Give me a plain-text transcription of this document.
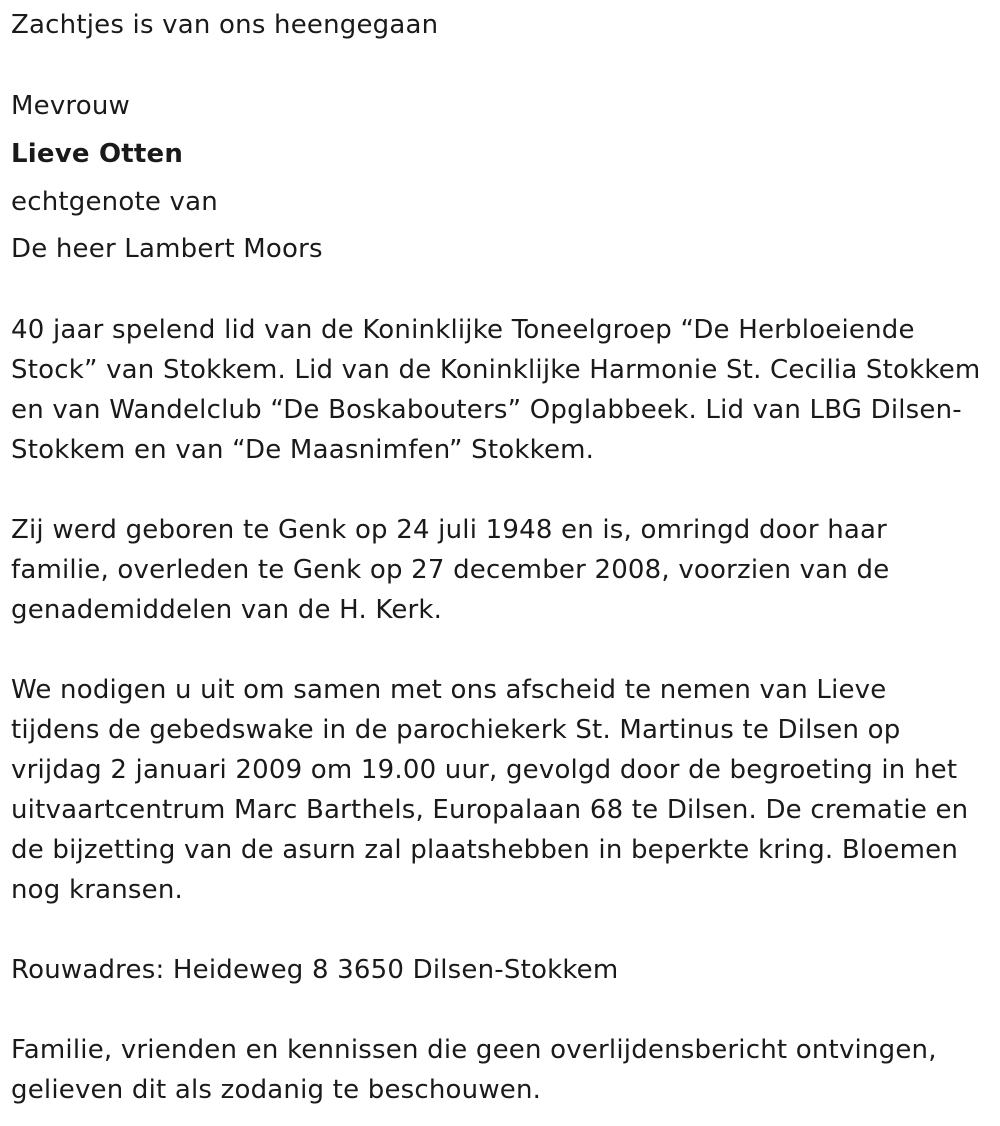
Zachtjes is van ons heengegaan
Mevrouw
Lieve Otten
echtgenote van
De heer Lambert Moors
40 jaar spelend lid van de Koninklijke Toneelgroep “De Herbloeiende
Stock” van Stokkem. Lid van de Koninklijke Harmonie St. Cecilia Stokkem
en van Wandelclub “De Boskabouters” Opglabbeek. Lid van LBG Dilsen-
Stokkem en van “De Maasnimfen” Stokkem.
Zij werd geboren te Genk op 24 juli 1948 en is, omringd door haar
familie, overleden te Genk op 27 december 2008, voorzien van de
genademiddelen van de H. Kerk.
We nodigen u uit om samen met ons afscheid te nemen van Lieve
tijdens de gebedswake in de parochiekerk St. Martinus te Dilsen op
vrijdag 2 januari 2009 om 19.00 uur, gevolgd door de begroeting in het
uitvaartcentrum Marc Barthels, Europalaan 68 te Dilsen. De crematie en
de bijzetting van de asurn zal plaatshebben in beperkte kring. Bloemen
nog kransen.
Rouwadres: Heideweg 8 3650 Dilsen-Stokkem
Familie, vrienden en kennissen die geen overlijdensbericht ontvingen,
gelieven dit als zodanig te beschouwen.
